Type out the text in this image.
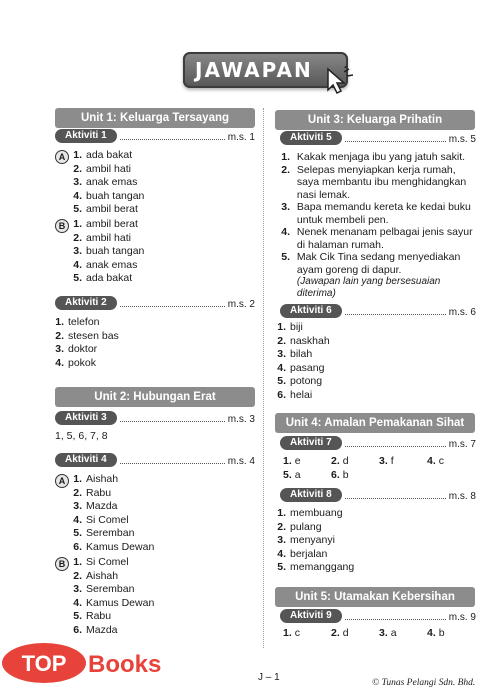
JAWAPAN
Unit 1: Keluarga Tersayang
Aktiviti 1	m.s. 1
A 1. ada bakat
2. ambil hati
3. anak emas
4. buah tangan
5. ambil berat
B 1. ambil berat
2. ambil hati
3. buah tangan
4. anak emas
5. ada bakat
Aktiviti 2	m.s. 2
1. telefon
2. stesen bas
3. doktor
4. pokok
Unit 2: Hubungan Erat
Aktiviti 3	m.s. 3
1, 5, 6, 7, 8
Aktiviti 4	m.s. 4
A 1. Aishah
2. Rabu
3. Mazda
4. Si Comel
5. Seremban
6. Kamus Dewan
B 1. Si Comel
2. Aishah
3. Seremban
4. Kamus Dewan
5. Rabu
6. Mazda
Unit 3: Keluarga Prihatin
Aktiviti 5	m.s. 5
1.
Kakak menjaga ibu yang jatuh sakit.
2.
Selepas menyiapkan kerja rumah, saya membantu ibu menghidangkan nasi lemak.
3.
Bapa memandu kereta ke kedai buku untuk membeli pen.
4.
Nenek menanam pelbagai jenis sayur di halaman rumah.
5.
Mak Cik Tina sedang menyediakan ayam goreng di dapur.

(Jawapan lain yang bersesuaian diterima)
Aktiviti 6	m.s. 6
1. biji
2. naskhah
3. bilah
4. pasang
5. potong
6. helai
Unit 4: Amalan Pemakanan Sihat
Aktiviti 7	m.s. 7
1. e	2. d	3. f	4. c
5. a	6. b
Aktiviti 8	m.s. 8
1. membuang
2. pulang
3. menyanyi
4. berjalan
5. memanggang
Unit 5: Utamakan Kebersihan
Aktiviti 9	m.s. 9
1. c	2. d	3. a	4. b
J – 1	© Tunas Pelangi Sdn. Bhd.
TOP Books
